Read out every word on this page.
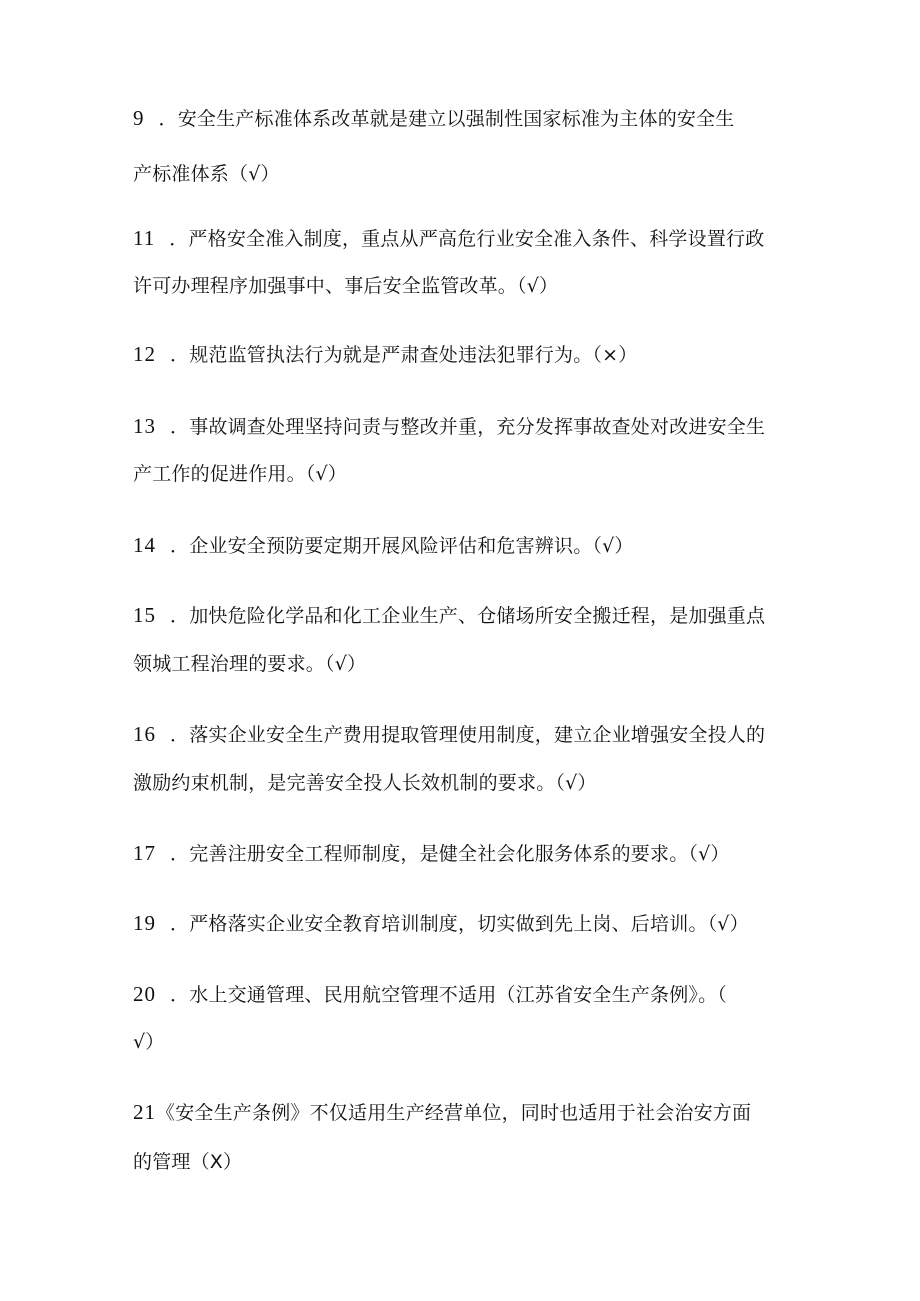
9 ．安全生产标准体系改革就是建立以强制性国家标准为主体的安全生
产标准体系（√）
11 ．严格安全准入制度，重点从严高危行业安全准入条件、科学设置行政
许可办理程序加强事中、事后安全监管改革。（√）
12 ．规范监管执法行为就是严肃查处违法犯罪行为。（×）
13 ．事故调查处理坚持问责与整改并重，充分发挥事故查处对改进安全生
产工作的促进作用。（√）
14 ．企业安全预防要定期开展风险评估和危害辨识。（√）
15 ．加快危险化学品和化工企业生产、仓储场所安全搬迁程，是加强重点
领城工程治理的要求。（√）
16 ．落实企业安全生产费用提取管理使用制度，建立企业增强安全投人的
激励约束机制，是完善安全投人长效机制的要求。（√）
17 ．完善注册安全工程师制度，是健全社会化服务体系的要求。（√）
19 ．严格落实企业安全教育培训制度，切实做到先上岗、后培训。（√）
20 ．水上交通管理、民用航空管理不适用（江苏省安全生产条例》。（
√）
21《安全生产条例》不仅适用生产经营单位，同时也适用于社会治安方面
的管理（X）
